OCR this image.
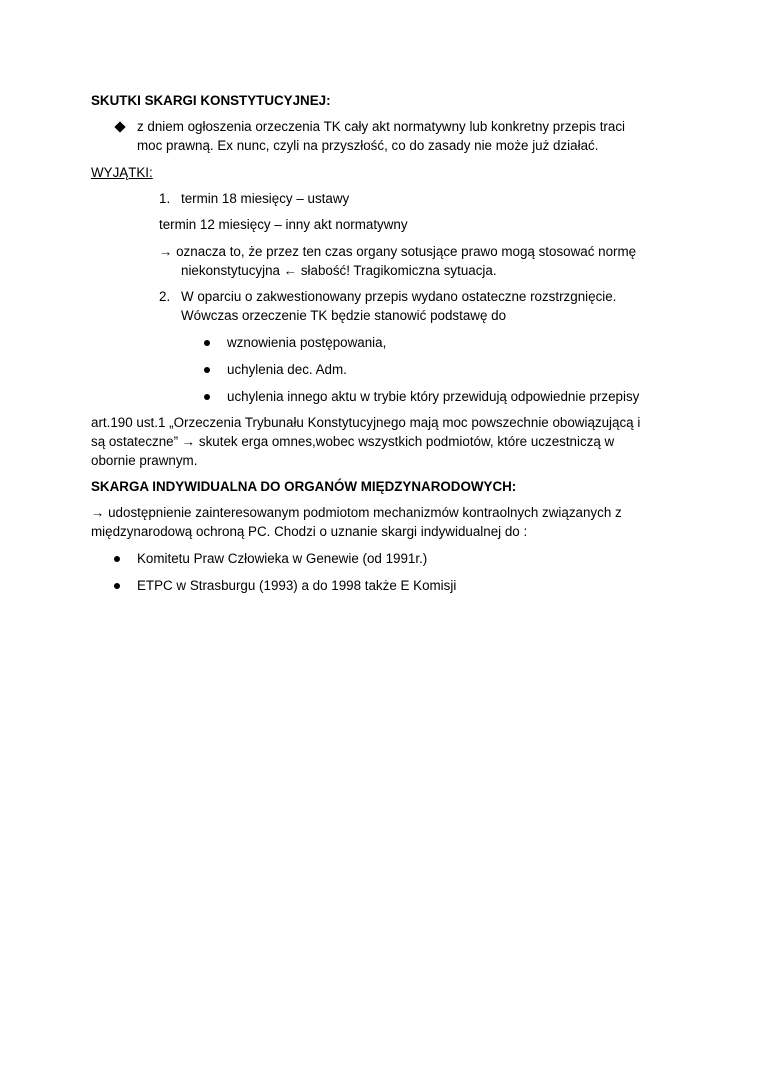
SKUTKI SKARGI KONSTYTUCYJNEJ:
z dniem ogłoszenia orzeczenia TK cały akt normatywny lub konkretny przepis traci
moc prawną. Ex nunc, czyli na przyszłość, co do zasady nie może już działać.
WYJĄTKI:
1. termin 18 miesięcy – ustawy
termin 12 miesięcy – inny akt normatywny
→ oznacza to, że przez ten czas organy sotusjące prawo mogą stosować normę
niekonstytucyjna ← słabość! Tragikomiczna sytuacja.
2. W oparciu o zakwestionowany przepis wydano ostateczne rozstrzgnięcie.
Wówczas orzeczenie TK będzie stanowić podstawę do
wznowienia postępowania,
uchylenia dec. Adm.
uchylenia innego aktu w trybie który przewidują odpowiednie przepisy
art.190 ust.1 „Orzeczenia Trybunału Konstytucyjnego mają moc powszechnie obowiązującą i
są ostateczne” → skutek erga omnes,wobec wszystkich podmiotów, które uczestniczą w
obornie prawnym.
SKARGA INDYWIDUALNA DO ORGANÓW MIĘDZYNARODOWYCH:
→ udostępnienie zainteresowanym podmiotom mechanizmów kontraolnych związanych z
międzynarodową ochroną PC. Chodzi o uznanie skargi indywidualnej do :
Komitetu Praw Człowieka w Genewie (od 1991r.)
ETPC w Strasburgu (1993) a do 1998 także E Komisji
